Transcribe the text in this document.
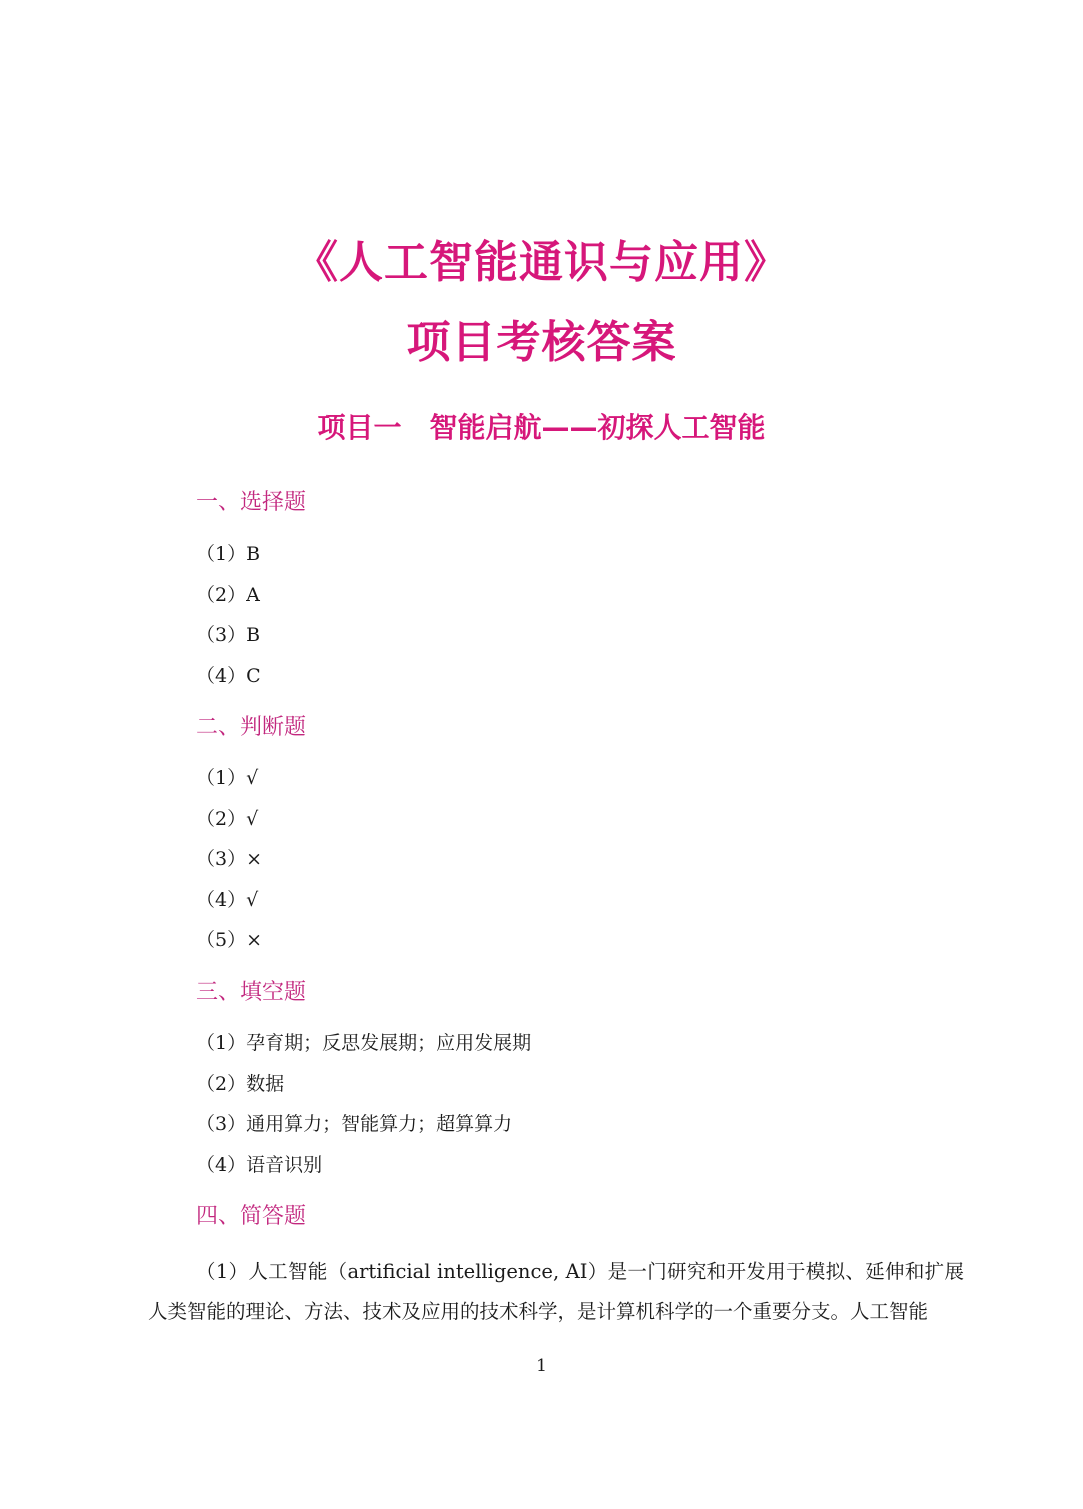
《人工智能通识与应用》
项目考核答案
项目一　智能启航——初探人工智能
一、选择题

（1）B

（2）A

（3）B

（4）C

二、判断题

（1）√

（2）√

（3）×

（4）√

（5）×

三、填空题

（1）孕育期；反思发展期；应用发展期

（2）数据

（3）通用算力；智能算力；超算算力

（4）语音识别

四、简答题

（1）人工智能（artificial intelligence, AI）是一门研究和开发用于模拟、延伸和扩展人类智能的理论、方法、技术及应用的技术科学，是计算机科学的一个重要分支。人工智能

1
